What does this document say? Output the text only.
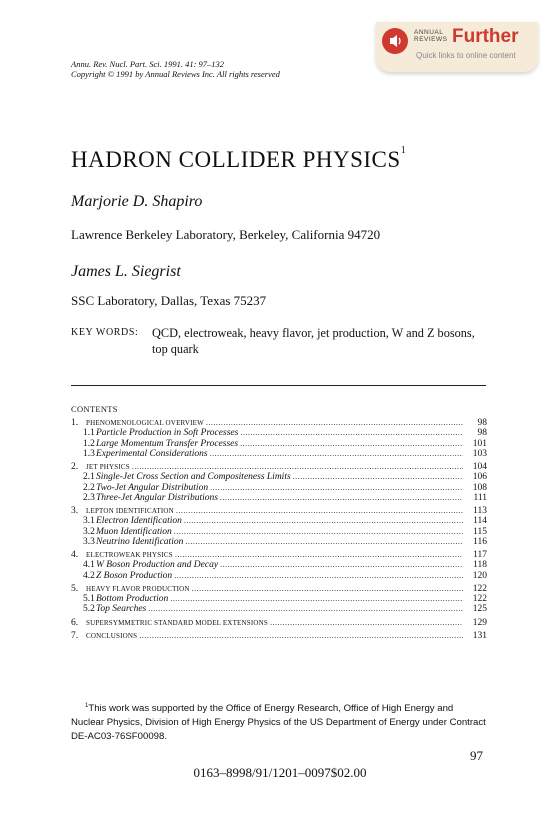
Annu. Rev. Nucl. Part. Sci. 1991. 41: 97–132
Copyright © 1991 by Annual Reviews Inc. All rights reserved
ANNUAL
REVIEWS Further
Quick links to online content
HADRON COLLIDER PHYSICS$^1$
Marjorie D. Shapiro
Lawrence Berkeley Laboratory, Berkeley, California 94720
James L. Siegrist
SSC Laboratory, Dallas, Texas 75237
KEY WORDS: QCD, electroweak, heavy flavor, jet production, W and Z bosons, top quark
CONTENTS
1.	PHENOMENOLOGICAL OVERVIEW .....	98
1.1 Particle Production in Soft Processes .....	98
1.2 Large Momentum Transfer Processes .....	101
1.3 Experimental Considerations .....	103
2.	JET PHYSICS .....	104
2.1 Single-Jet Cross Section and Compositeness Limits .....	106
2.2 Two-Jet Angular Distribution .....	108
2.3 Three-Jet Angular Distributions .....	111
3.	LEPTON IDENTIFICATION .....	113
3.1 Electron Identification .....	114
3.2 Muon Identification .....	115
3.3 Neutrino Identification .....	116
4.	ELECTROWEAK PHYSICS .....	117
4.1 W Boson Production and Decay .....	118
4.2 Z Boson Production .....	120
5.	HEAVY FLAVOR PRODUCTION .....	122
5.1 Bottom Production .....	122
5.2 Top Searches .....	125
6.	SUPERSYMMETRIC STANDARD MODEL EXTENSIONS .....	129
7.	CONCLUSIONS .....	131
$^1$This work was supported by the Office of Energy Research, Office of High Energy and Nuclear Physics, Division of High Energy Physics of the US Department of Energy under Contract DE-AC03-76SF00098.
97
0163–8998/91/1201–0097$02.00
